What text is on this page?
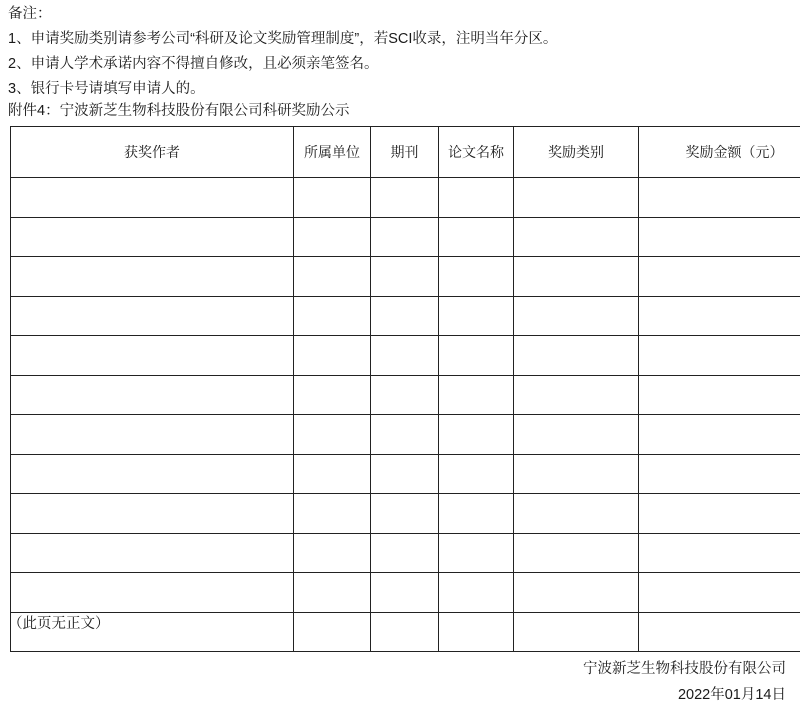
备注：
1、申请奖励类别请参考公司“科研及论文奖励管理制度”，若SCI收录，注明当年分区。
2、申请人学术承诺内容不得擅自修改，且必须亲笔签名。
3、银行卡号请填写申请人的。
附件4：宁波新芝生物科技股份有限公司科研奖励公示
获奖作者	所属单位	期刊	论文名称	奖励类别	奖励金额（元）

（此页无正文）
宁波新芝生物科技股份有限公司
2022年01月14日
